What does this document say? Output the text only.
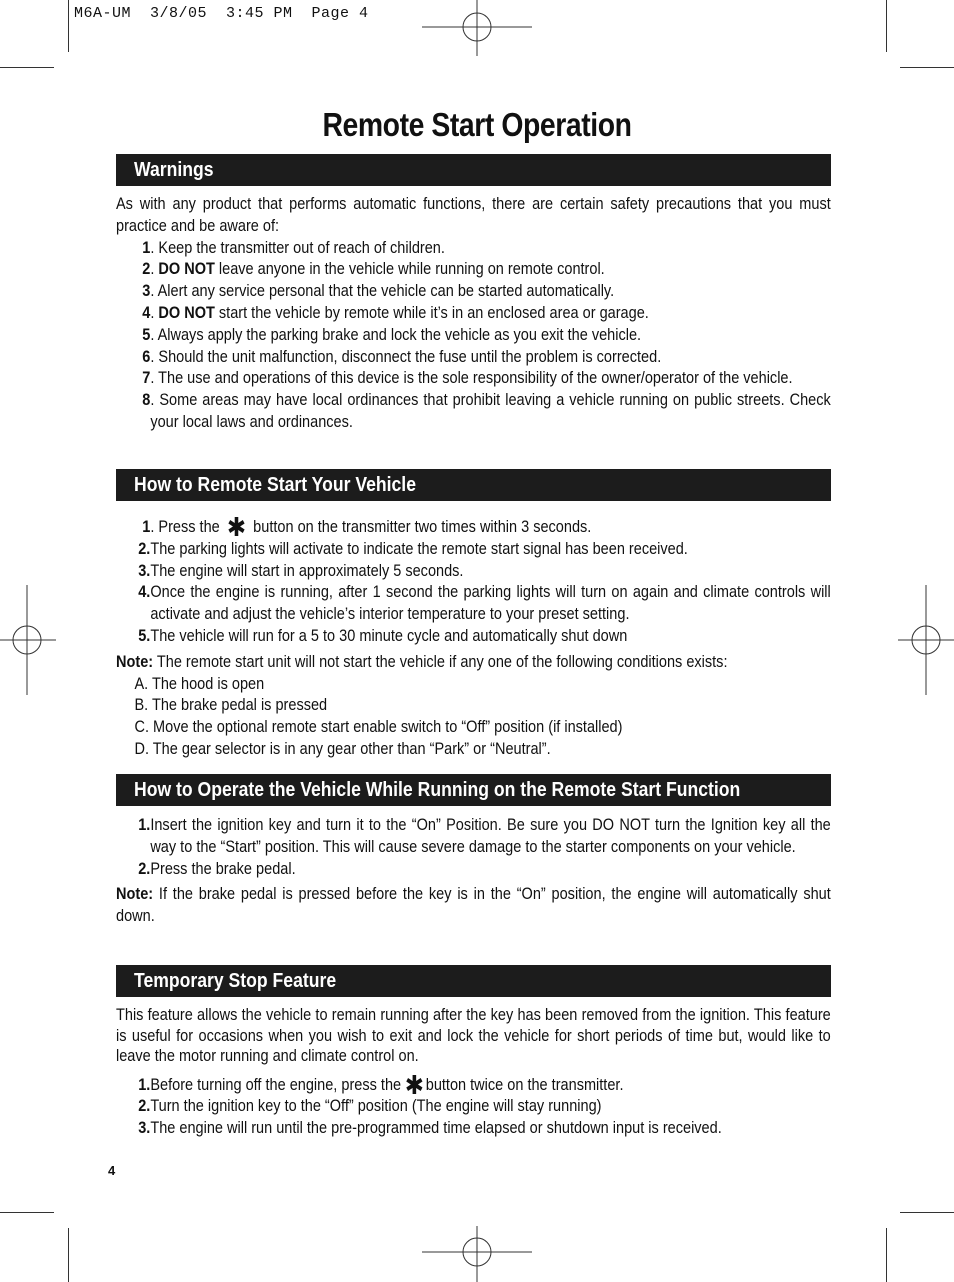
M6A-UM  3/8/05  3:45 PM  Page 4
Remote Start Operation
Warnings

As with any product that performs automatic functions, there are certain safety precautions that you must practice and be aware of:

1 . Keep the transmitter out of reach of children.
2 . DO NOT leave anyone in the vehicle while running on remote control.
3 . Alert any service personal that the vehicle can be started automatically.
4 . DO NOT start the vehicle by remote while it’s in an enclosed area or garage.
5 . Always apply the parking brake and lock the vehicle as you exit the vehicle.
6 . Should the unit malfunction, disconnect the fuse until the problem is corrected.
7 . The use and operations of this device is the sole responsibility of the owner/operator of the vehicle.
8 . Some areas may have local ordinances that prohibit leaving a vehicle running on public streets. Check your local laws and ordinances.
How to Remote Start Your Vehicle
1 . Press the ✱ button on the transmitter two times within 3 seconds.
2. The parking lights will activate to indicate the remote start signal has been received.
3. The engine will start in approximately 5 seconds.
4. Once the engine is running, after 1 second the parking lights will turn on again and climate controls will activate and adjust the vehicle’s interior temperature to your preset setting.
5. The vehicle will run for a 5 to 30 minute cycle and automatically shut down

Note: The remote start unit will not start the vehicle if any one of the following conditions exists:

A. The hood is open
B. The brake pedal is pressed
C. Move the optional remote start enable switch to “Off” position (if installed)
D. The gear selector is in any gear other than “Park” or “Neutral”.
How to Operate the Vehicle While Running on the Remote Start Function
1. Insert the ignition key and turn it to the “On” Position. Be sure you DO NOT turn the Ignition key all the way to the “Start” position. This will cause severe damage to the starter components on your vehicle.
2. Press the brake pedal.

Note: If the brake pedal is pressed before the key is in the “On” position, the engine will automatically shut down.

Temporary Stop Feature

This feature allows the vehicle to remain running after the key has been removed from the ignition. This feature is useful for occasions when you wish to exit and lock the vehicle for short periods of time but, would like to leave the motor running and climate control on.

1. Before turning off the engine, press the ✱ button twice on the transmitter.
2. Turn the ignition key to the “Off” position (The engine will stay running)
3. The engine will run until the pre-programmed time elapsed or shutdown input is received.
4
